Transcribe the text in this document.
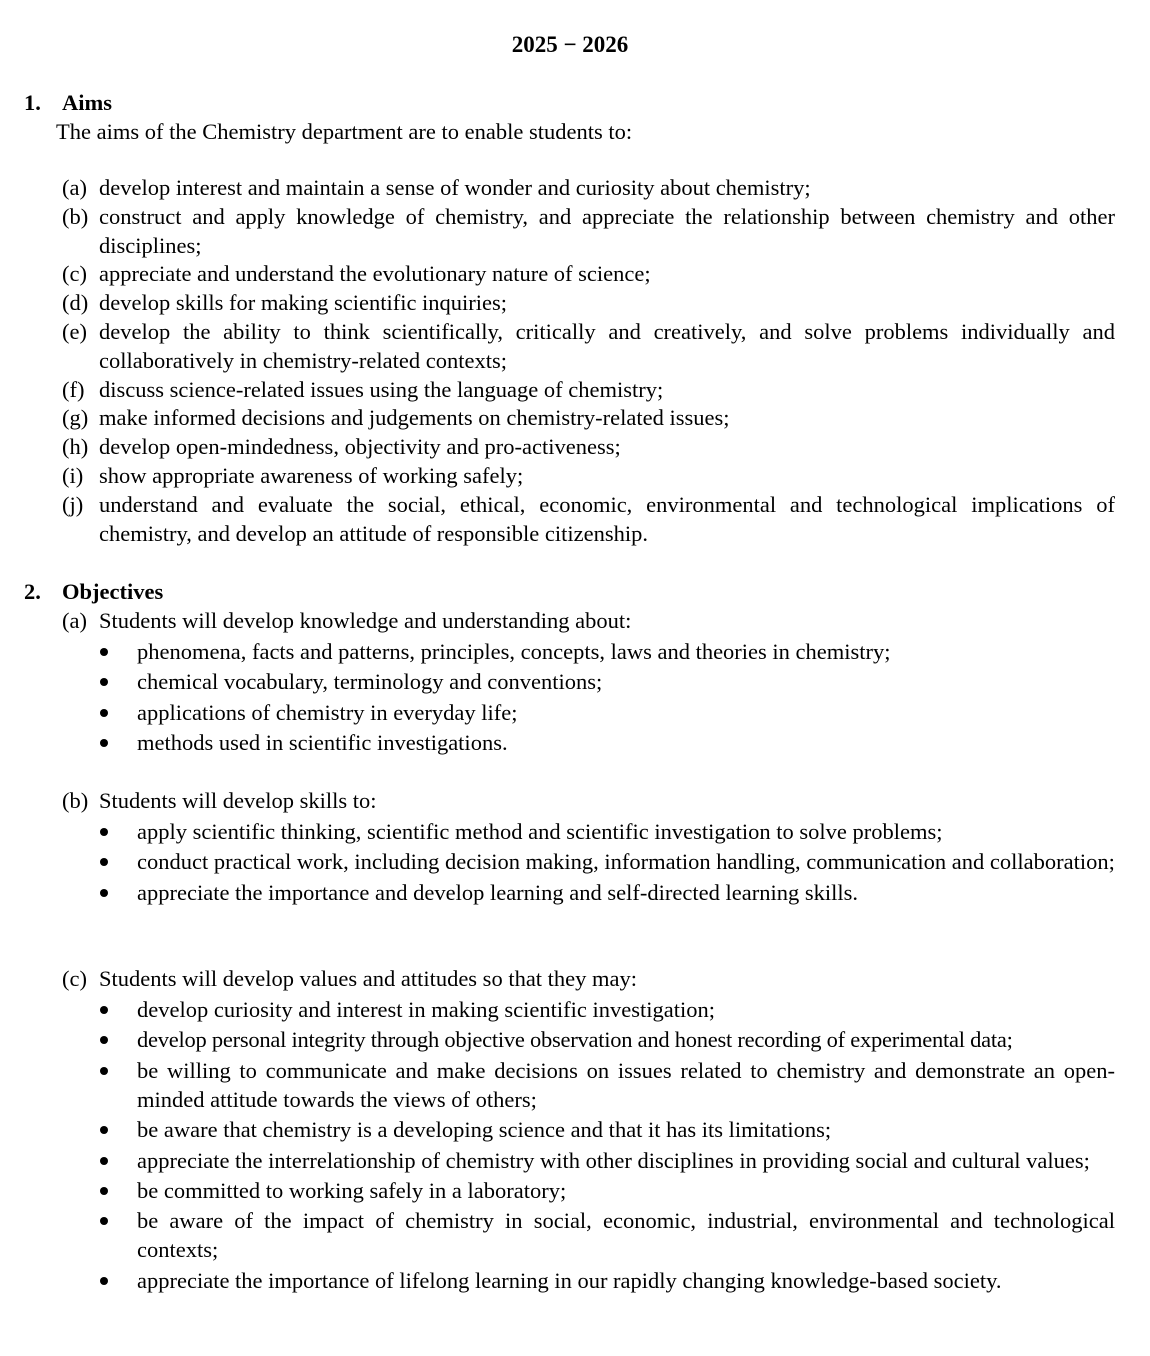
2025 − 2026
1. Aims
The aims of the Chemistry department are to enable students to:
(a) develop interest and maintain a sense of wonder and curiosity about chemistry;
(b) construct and apply knowledge of chemistry, and appreciate the relationship between chemistry and other disciplines;
(c) appreciate and understand the evolutionary nature of science;
(d) develop skills for making scientific inquiries;
(e) develop the ability to think scientifically, critically and creatively, and solve problems individually and collaboratively in chemistry-related contexts;
(f) discuss science-related issues using the language of chemistry;
(g) make informed decisions and judgements on chemistry-related issues;
(h) develop open-mindedness, objectivity and pro-activeness;
(i) show appropriate awareness of working safely;
(j) understand and evaluate the social, ethical, economic, environmental and technological implications of chemistry, and develop an attitude of responsible citizenship.
2. Objectives
(a) Students will develop knowledge and understanding about:
phenomena, facts and patterns, principles, concepts, laws and theories in chemistry;
chemical vocabulary, terminology and conventions;
applications of chemistry in everyday life;
methods used in scientific investigations.
(b) Students will develop skills to:
apply scientific thinking, scientific method and scientific investigation to solve problems;
conduct practical work, including decision making, information handling, communication and collaboration;
appreciate the importance and develop learning and self-directed learning skills.
(c) Students will develop values and attitudes so that they may:
develop curiosity and interest in making scientific investigation;
develop personal integrity through objective observation and honest recording of experimental data;
be willing to communicate and make decisions on issues related to chemistry and demonstrate an open-minded attitude towards the views of others;
be aware that chemistry is a developing science and that it has its limitations;
appreciate the interrelationship of chemistry with other disciplines in providing social and cultural values;
be committed to working safely in a laboratory;
be aware of the impact of chemistry in social, economic, industrial, environmental and technological contexts;
appreciate the importance of lifelong learning in our rapidly changing knowledge-based society.
